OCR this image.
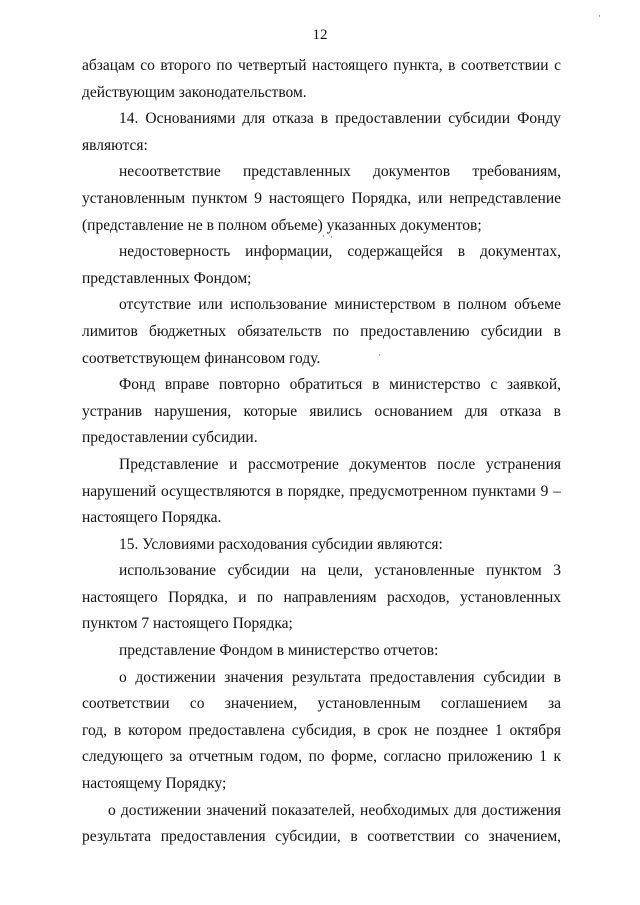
12
абзацам со второго по четвертый настоящего пункта, в соответствии с
действующим законодательством.
14. Основаниями для отказа в предоставлении субсидии Фонду
являются:
несоответствие представленных документов требованиям,
установленным пунктом 9 настоящего Порядка, или непредставление
(представление не в полном объеме) указанных документов;
недостоверность информации, содержащейся в документах,
представленных Фондом;
отсутствие или использование министерством в полном объеме
лимитов бюджетных обязательств по предоставлению субсидии в
соответствующем финансовом году.
Фонд вправе повторно обратиться в министерство с заявкой,
устранив нарушения, которые явились основанием для отказа в
предоставлении субсидии.
Представление и рассмотрение документов после устранения
нарушений осуществляются в порядке, предусмотренном пунктами 9 –
настоящего Порядка.
15. Условиями расходования субсидии являются:
использование субсидии на цели, установленные пунктом 3
настоящего Порядка, и по направлениям расходов, установленных
пунктом 7 настоящего Порядка;
представление Фондом в министерство отчетов:
о достижении значения результата предоставления субсидии в
соответствии со значением, установленным соглашением за
год, в котором предоставлена субсидия, в срок не позднее 1 октября
следующего за отчетным годом, по форме, согласно приложению 1 к
настоящему Порядку;
о достижении значений показателей, необходимых для достижения
результата предоставления субсидии, в соответствии со значением,
· ·
·
·
